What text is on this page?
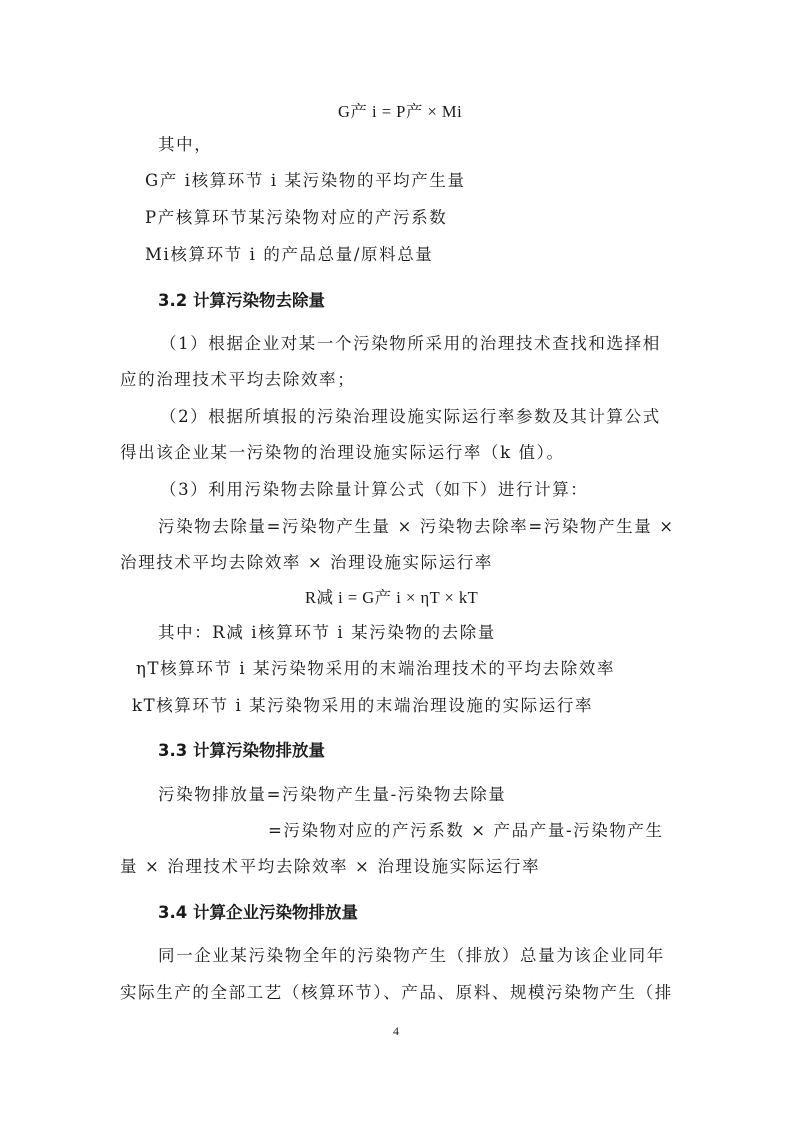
G产 i = P产 × Mi
其中，
G产 i核算环节 i 某污染物的平均产生量
P产核算环节某污染物对应的产污系数
Mi核算环节 i 的产品总量/原料总量
3.2 计算污染物去除量
（1）根据企业对某一个污染物所采用的治理技术查找和选择相
应的治理技术平均去除效率；
（2）根据所填报的污染治理设施实际运行率参数及其计算公式
得出该企业某一污染物的治理设施实际运行率（k 值）。
（3）利用污染物去除量计算公式（如下）进行计算：
污染物去除量=污染物产生量 × 污染物去除率=污染物产生量 ×
治理技术平均去除效率 × 治理设施实际运行率
R减 i = G产 i × ηT × kT
其中：R减 i核算环节 i 某污染物的去除量
ηT核算环节 i 某污染物采用的末端治理技术的平均去除效率
kT核算环节 i 某污染物采用的末端治理设施的实际运行率
3.3 计算污染物排放量
污染物排放量=污染物产生量-污染物去除量
=污染物对应的产污系数 × 产品产量-污染物产生
量 × 治理技术平均去除效率 × 治理设施实际运行率
3.4 计算企业污染物排放量
同一企业某污染物全年的污染物产生（排放）总量为该企业同年
实际生产的全部工艺（核算环节）、产品、原料、规模污染物产生（排
4
